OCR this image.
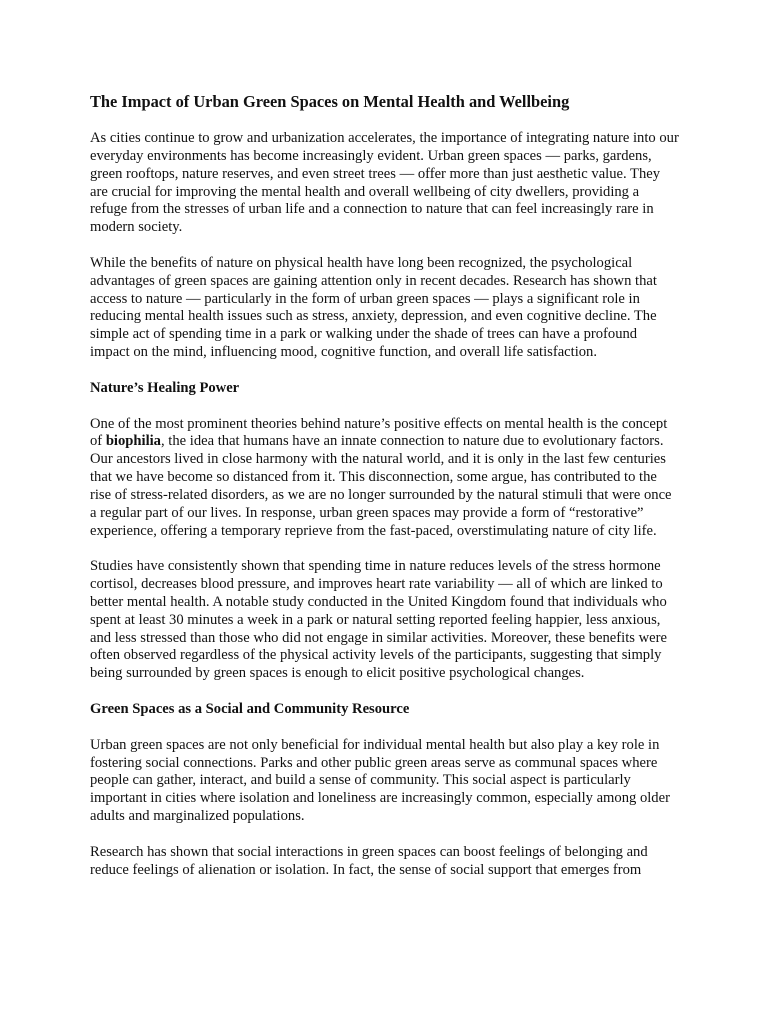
The Impact of Urban Green Spaces on Mental Health and Wellbeing

As cities continue to grow and urbanization accelerates, the importance of integrating nature into our everyday environments has become increasingly evident. Urban green spaces — parks, gardens, green rooftops, nature reserves, and even street trees — offer more than just aesthetic value. They are crucial for improving the mental health and overall wellbeing of city dwellers, providing a refuge from the stresses of urban life and a connection to nature that can feel increasingly rare in modern society.

While the benefits of nature on physical health have long been recognized, the psychological advantages of green spaces are gaining attention only in recent decades. Research has shown that access to nature — particularly in the form of urban green spaces — plays a significant role in reducing mental health issues such as stress, anxiety, depression, and even cognitive decline. The simple act of spending time in a park or walking under the shade of trees can have a profound impact on the mind, influencing mood, cognitive function, and overall life satisfaction.

Nature’s Healing Power

One of the most prominent theories behind nature’s positive effects on mental health is the concept of biophilia, the idea that humans have an innate connection to nature due to evolutionary factors. Our ancestors lived in close harmony with the natural world, and it is only in the last few centuries that we have become so distanced from it. This disconnection, some argue, has contributed to the rise of stress-related disorders, as we are no longer surrounded by the natural stimuli that were once a regular part of our lives. In response, urban green spaces may provide a form of “restorative” experience, offering a temporary reprieve from the fast-paced, overstimulating nature of city life.

Studies have consistently shown that spending time in nature reduces levels of the stress hormone cortisol, decreases blood pressure, and improves heart rate variability — all of which are linked to better mental health. A notable study conducted in the United Kingdom found that individuals who spent at least 30 minutes a week in a park or natural setting reported feeling happier, less anxious, and less stressed than those who did not engage in similar activities. Moreover, these benefits were often observed regardless of the physical activity levels of the participants, suggesting that simply being surrounded by green spaces is enough to elicit positive psychological changes.

Green Spaces as a Social and Community Resource

Urban green spaces are not only beneficial for individual mental health but also play a key role in fostering social connections. Parks and other public green areas serve as communal spaces where people can gather, interact, and build a sense of community. This social aspect is particularly important in cities where isolation and loneliness are increasingly common, especially among older adults and marginalized populations.

Research has shown that social interactions in green spaces can boost feelings of belonging and reduce feelings of alienation or isolation. In fact, the sense of social support that emerges from
